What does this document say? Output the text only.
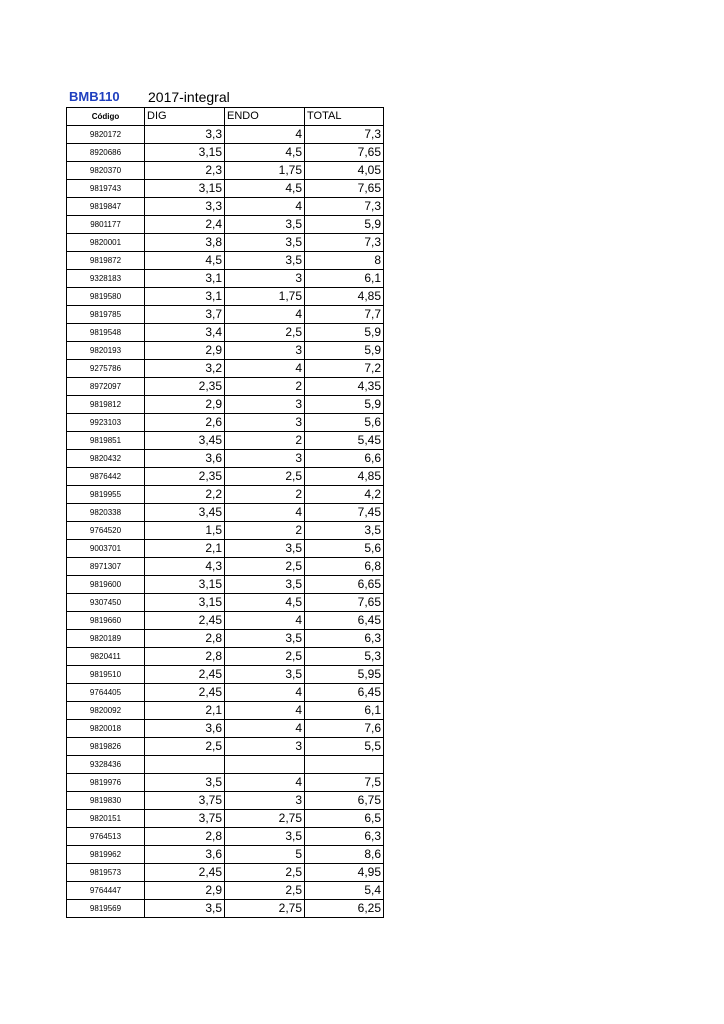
BMB110 2017-integral
Código	DIG	ENDO	TOTAL
9820172	3,3	4	7,3
8920686	3,15	4,5	7,65
9820370	2,3	1,75	4,05
9819743	3,15	4,5	7,65
9819847	3,3	4	7,3
9801177	2,4	3,5	5,9
9820001	3,8	3,5	7,3
9819872	4,5	3,5	8
9328183	3,1	3	6,1
9819580	3,1	1,75	4,85
9819785	3,7	4	7,7
9819548	3,4	2,5	5,9
9820193	2,9	3	5,9
9275786	3,2	4	7,2
8972097	2,35	2	4,35
9819812	2,9	3	5,9
9923103	2,6	3	5,6
9819851	3,45	2	5,45
9820432	3,6	3	6,6
9876442	2,35	2,5	4,85
9819955	2,2	2	4,2
9820338	3,45	4	7,45
9764520	1,5	2	3,5
9003701	2,1	3,5	5,6
8971307	4,3	2,5	6,8
9819600	3,15	3,5	6,65
9307450	3,15	4,5	7,65
9819660	2,45	4	6,45
9820189	2,8	3,5	6,3
9820411	2,8	2,5	5,3
9819510	2,45	3,5	5,95
9764405	2,45	4	6,45
9820092	2,1	4	6,1
9820018	3,6	4	7,6
9819826	2,5	3	5,5
9328436			
9819976	3,5	4	7,5
9819830	3,75	3	6,75
9820151	3,75	2,75	6,5
9764513	2,8	3,5	6,3
9819962	3,6	5	8,6
9819573	2,45	2,5	4,95
9764447	2,9	2,5	5,4
9819569	3,5	2,75	6,25
